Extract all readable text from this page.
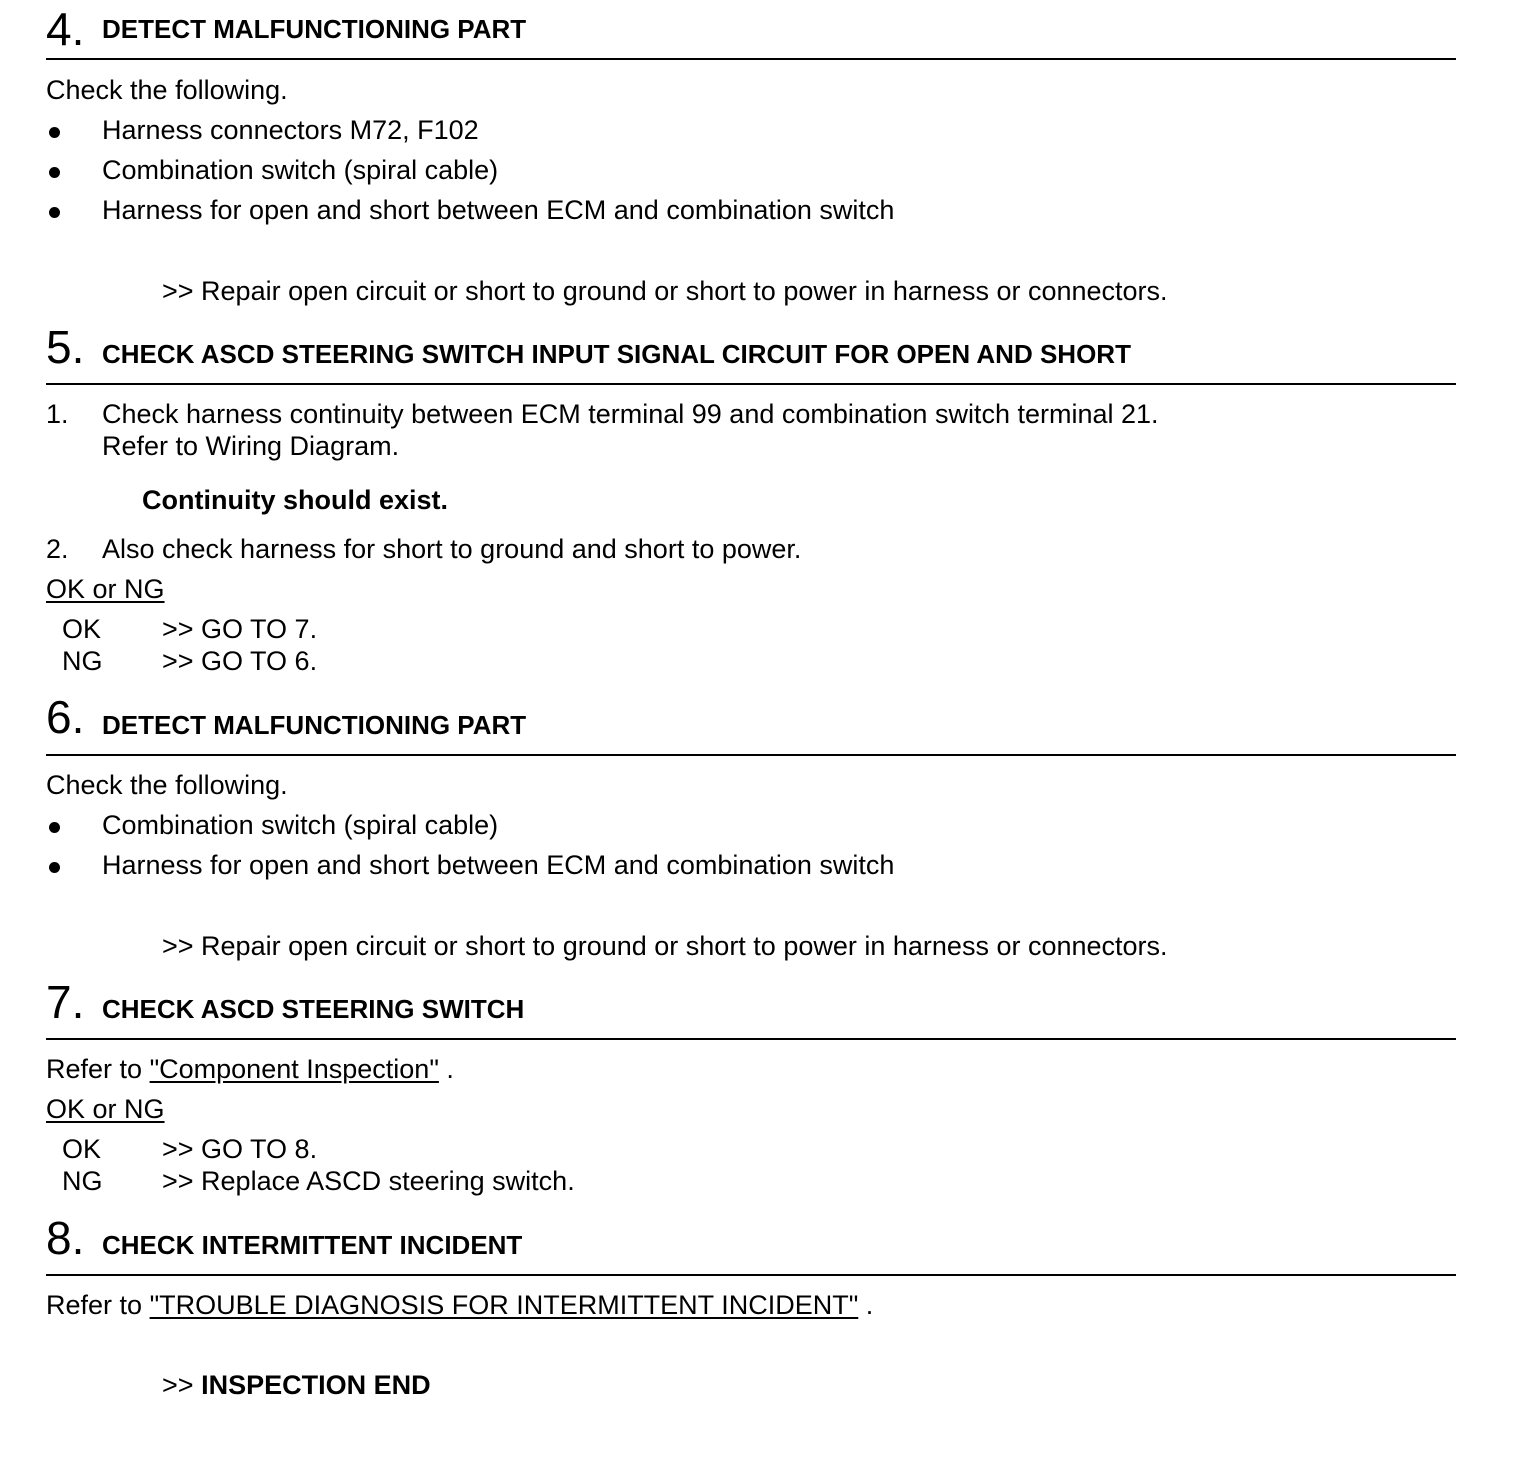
4. DETECT MALFUNCTIONING PART
Check the following.
Harness connectors M72, F102
Combination switch (spiral cable)
Harness for open and short between ECM and combination switch
>> Repair open circuit or short to ground or short to power in harness or connectors.
5. CHECK ASCD STEERING SWITCH INPUT SIGNAL CIRCUIT FOR OPEN AND SHORT
1. Check harness continuity between ECM terminal 99 and combination switch terminal 21.
Refer to Wiring Diagram.
Continuity should exist.
2. Also check harness for short to ground and short to power.
OK or NG
OK >> GO TO 7.
NG >> GO TO 6.
6. DETECT MALFUNCTIONING PART
Check the following.
Combination switch (spiral cable)
Harness for open and short between ECM and combination switch
>> Repair open circuit or short to ground or short to power in harness or connectors.
7. CHECK ASCD STEERING SWITCH
Refer to "Component Inspection" .
OK or NG
OK >> GO TO 8.
NG >> Replace ASCD steering switch.
8. CHECK INTERMITTENT INCIDENT
Refer to "TROUBLE DIAGNOSIS FOR INTERMITTENT INCIDENT" .
>> INSPECTION END
